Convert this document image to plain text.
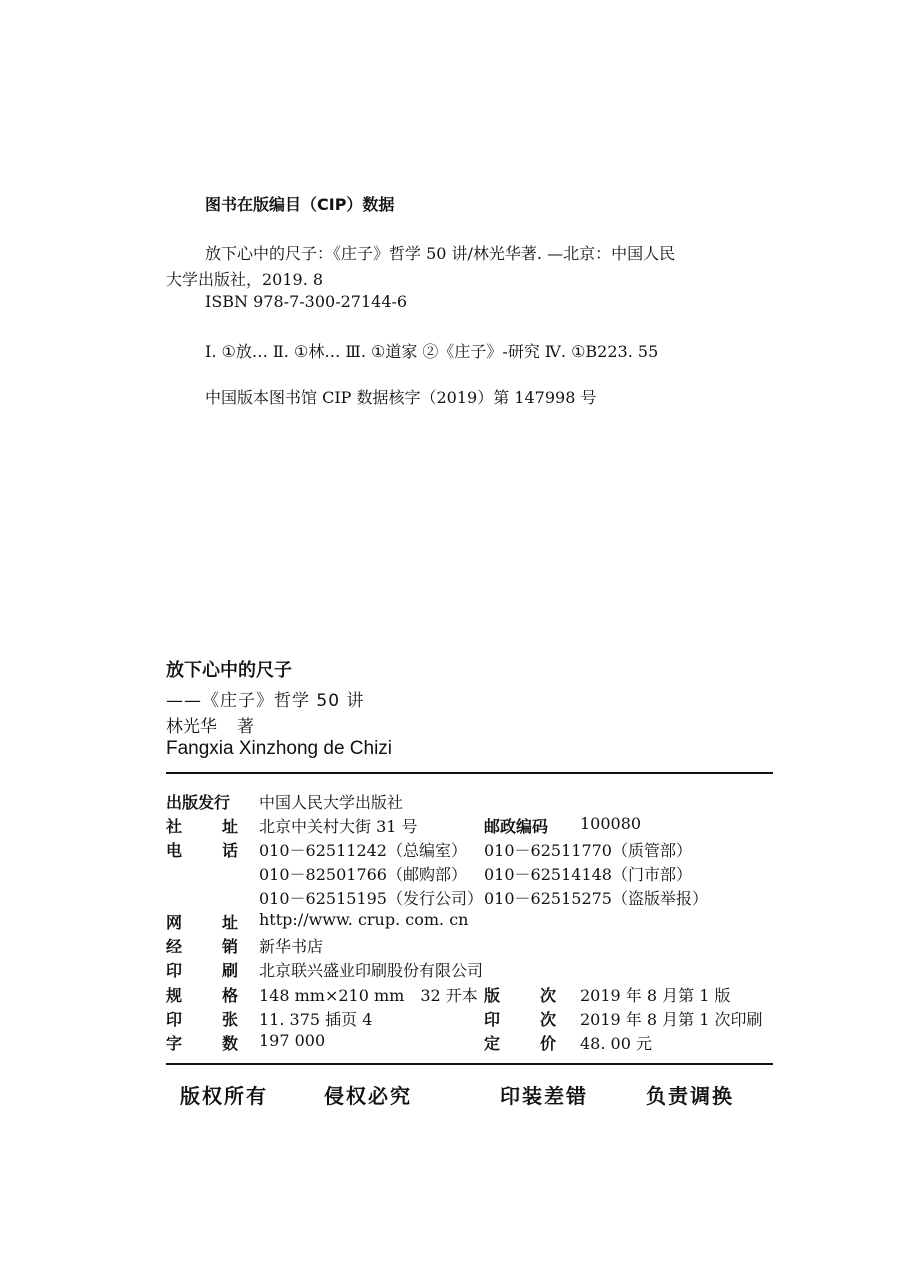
图书在版编目（CIP）数据
放下心中的尺子：《庄子》哲学 50 讲/林光华著. —北京：中国人民
大学出版社，2019. 8
ISBN 978-7-300-27144-6
Ⅰ. ①放… Ⅱ. ①林… Ⅲ. ①道家 ②《庄子》-研究 Ⅳ. ①B223. 55
中国版本图书馆 CIP 数据核字（2019）第 147998 号
放下心中的尺子
——《庄子》哲学 50 讲
林光华 著
Fangxia Xinzhong de Chizi
出版发行 中国人民大学出版社
社 址 北京中关村大街 31 号	邮政编码 100080
电 话 010－62511242（总编室） 010－62511770（质管部）
010－82501766（邮购部） 010－62514148（门市部）
010－62515195（发行公司） 010－62515275（盗版举报）
网 址 http://www. crup. com. cn
经 销 新华书店
印 刷 北京联兴盛业印刷股份有限公司
规 格 148 mm×210 mm　32 开本 版 次 2019 年 8 月第 1 版
印 张 11. 375 插页 4	印 次 2019 年 8 月第 1 次印刷
字 数 197 000	定 价 48. 00 元
版权所有	侵权必究	印装差错	负责调换
